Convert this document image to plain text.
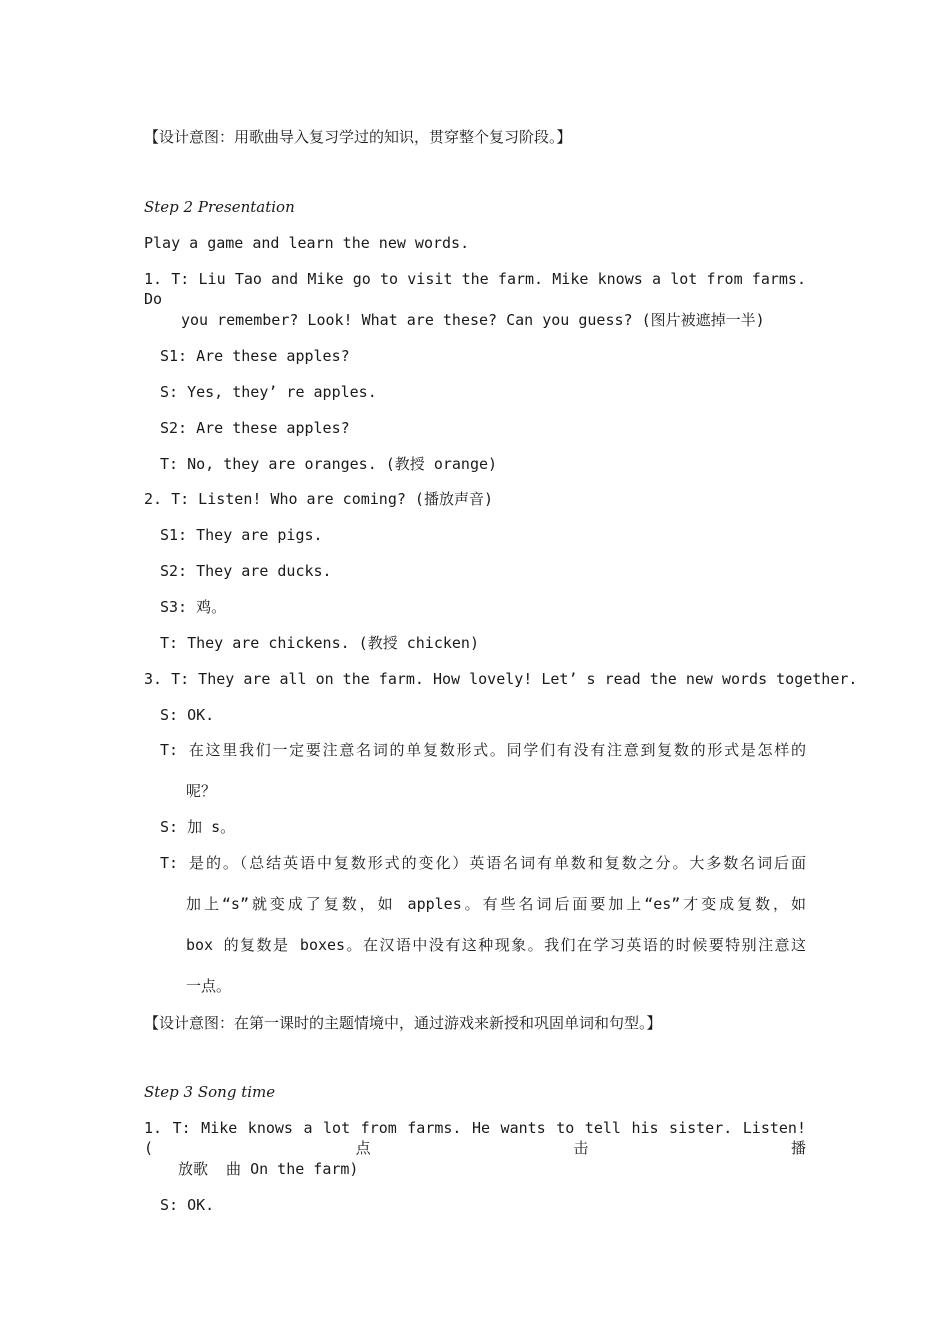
【设计意图：用歌曲导入复习学过的知识，贯穿整个复习阶段。】
Step 2 Presentation
Play a game and learn the new words.
1. T: Liu Tao and Mike go to visit the farm. Mike knows a lot from farms. Do
you remember? Look! What are these? Can you guess? (图片被遮掉一半)
S1: Are these apples?
S: Yes, they’ re apples.
S2: Are these apples?
T: No, they are oranges. (教授 orange)
2. T: Listen! Who are coming? (播放声音)
S1: They are pigs.
S2: They are ducks.
S3: 鸡。
T: They are chickens. (教授 chicken)
3. T: They are all on the farm. How lovely! Let’ s read the new words together.
S: OK.
T: 在这里我们一定要注意名词的单复数形式。同学们有没有注意到复数的形式是怎样的
呢？
S: 加 s。
T: 是的。（总结英语中复数形式的变化）英语名词有单数和复数之分。大多数名词后面
加上“s”就变成了复数，如 apples。有些名词后面要加上“es”才变成复数，如
box 的复数是 boxes。在汉语中没有这种现象。我们在学习英语的时候要特别注意这
一点。
【设计意图：在第一课时的主题情境中，通过游戏来新授和巩固单词和句型。】
Step 3 Song time
1. T: Mike knows a lot from farms. He wants to tell his sister. Listen! (点击播
放歌  曲 On the farm)
S: OK.
